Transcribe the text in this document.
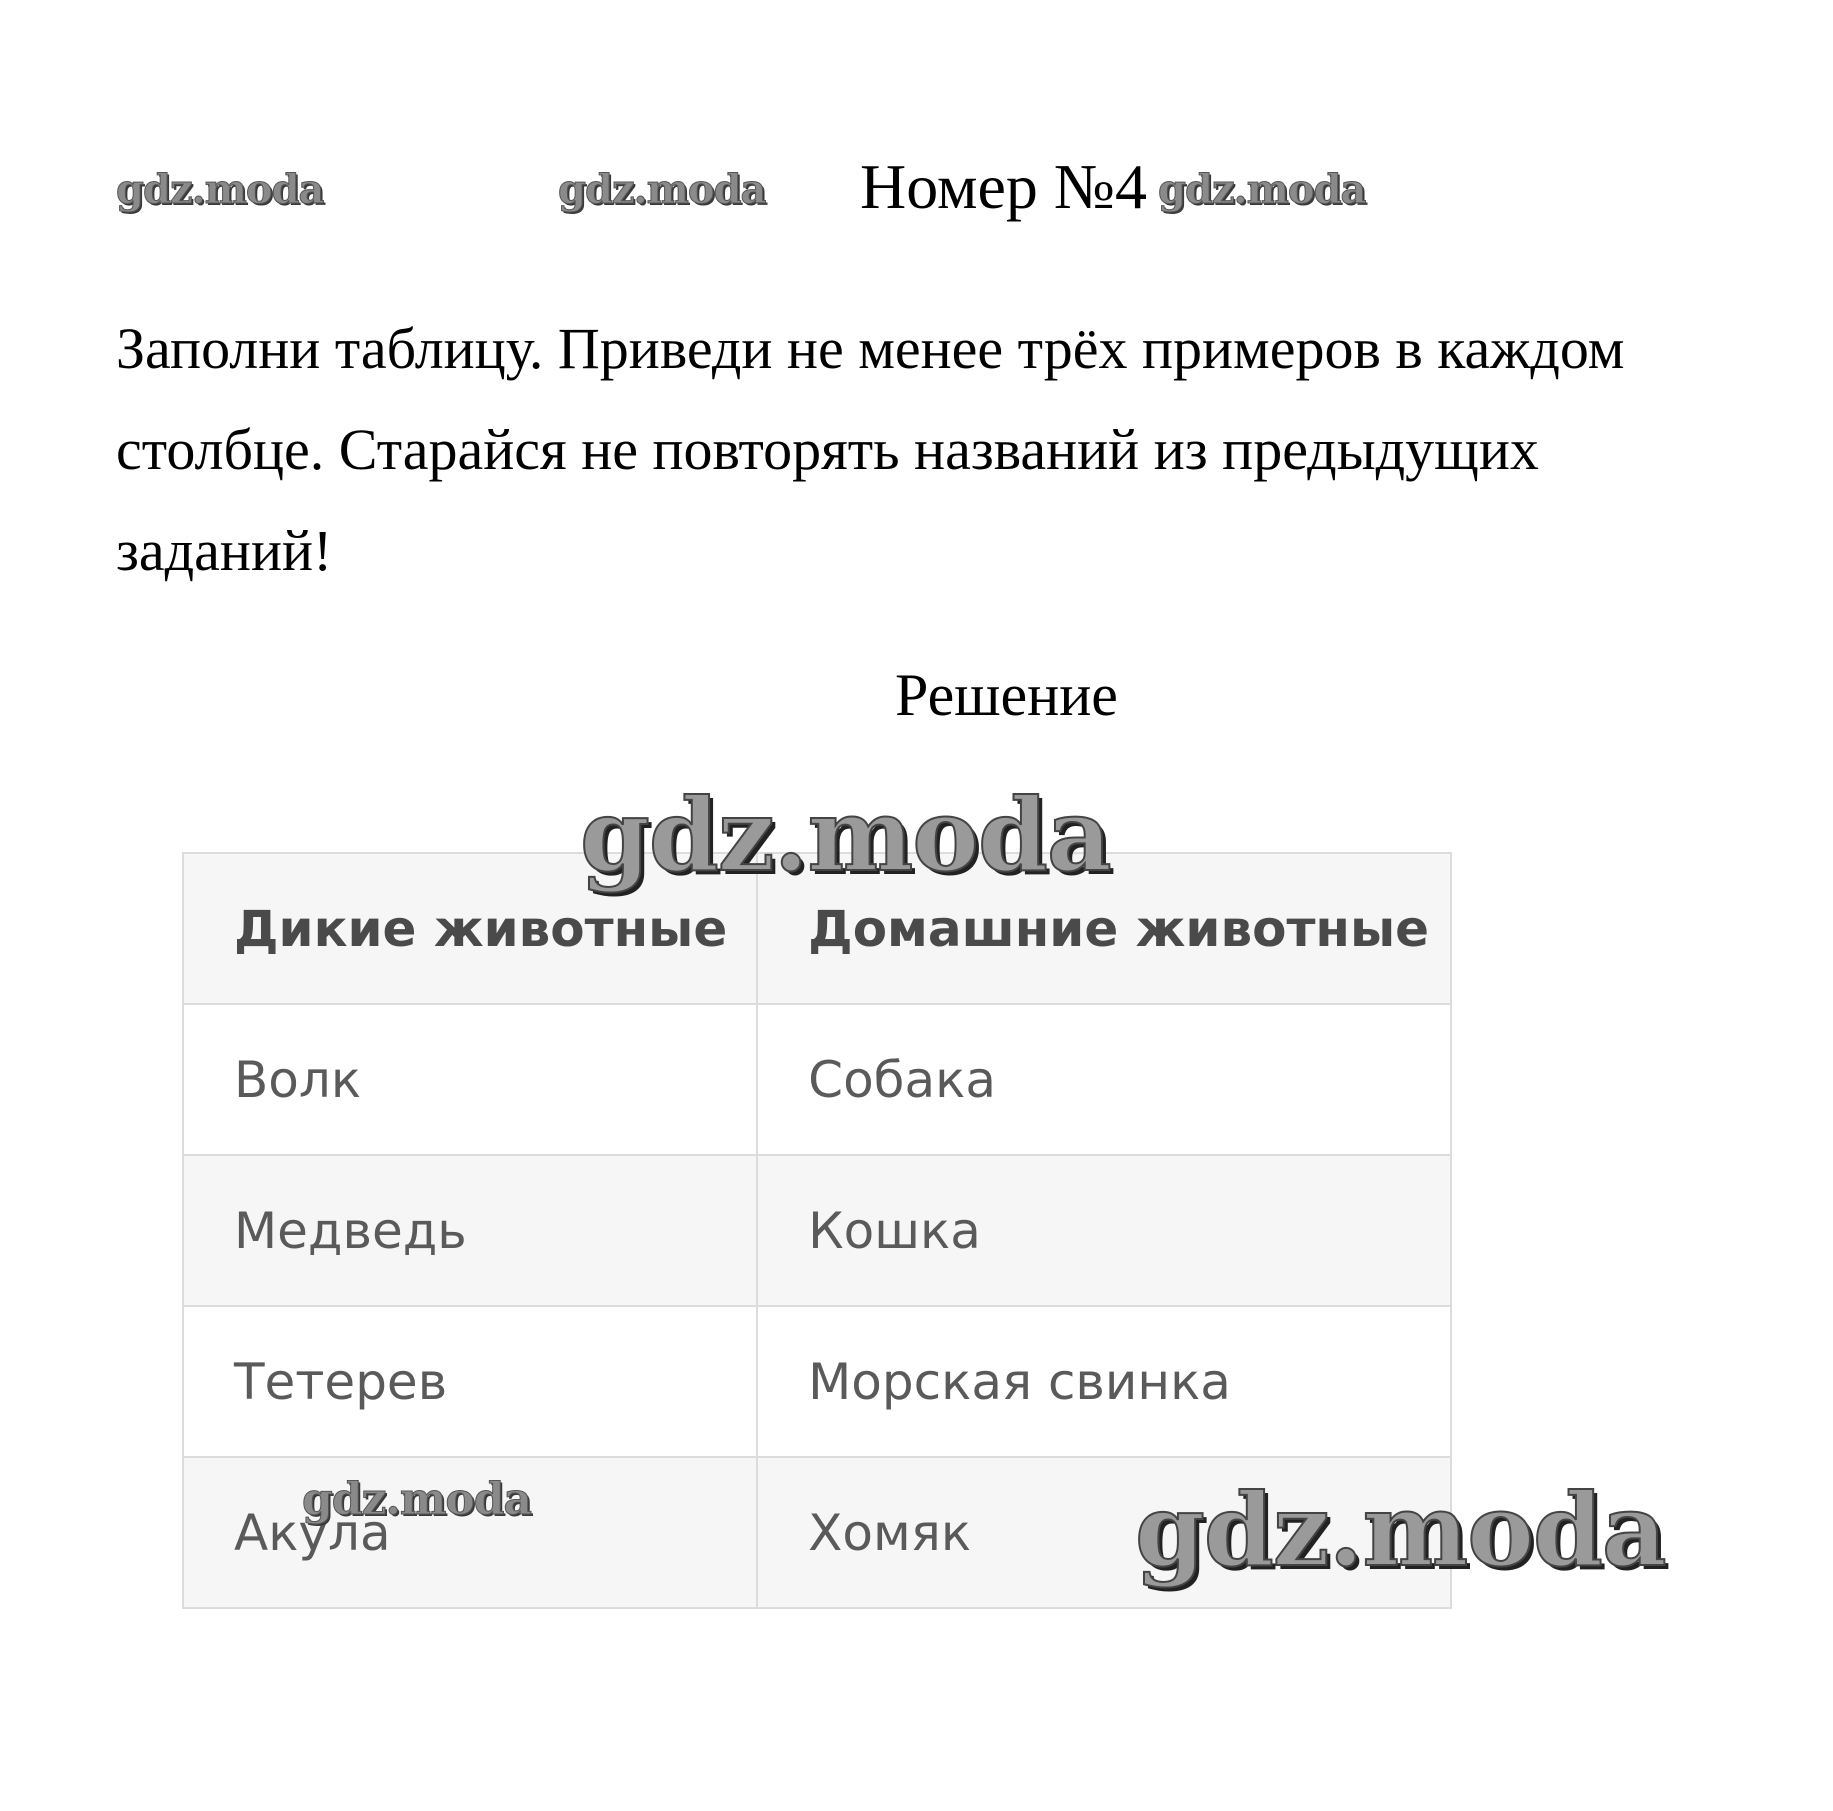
Номер №4

Заполни таблицу. Приведи не менее трёх примеров в каждом столбце. Старайся не повторять названий из предыдущих заданий!

Решение
Дикие животные	Домашние животные
Волк	Собака
Медведь	Кошка
Тетерев	Морская свинка
Акула	Хомяк
gdz.moda	gdz.moda	gdz.moda
gdz.moda
gdz.moda	gdz.moda
